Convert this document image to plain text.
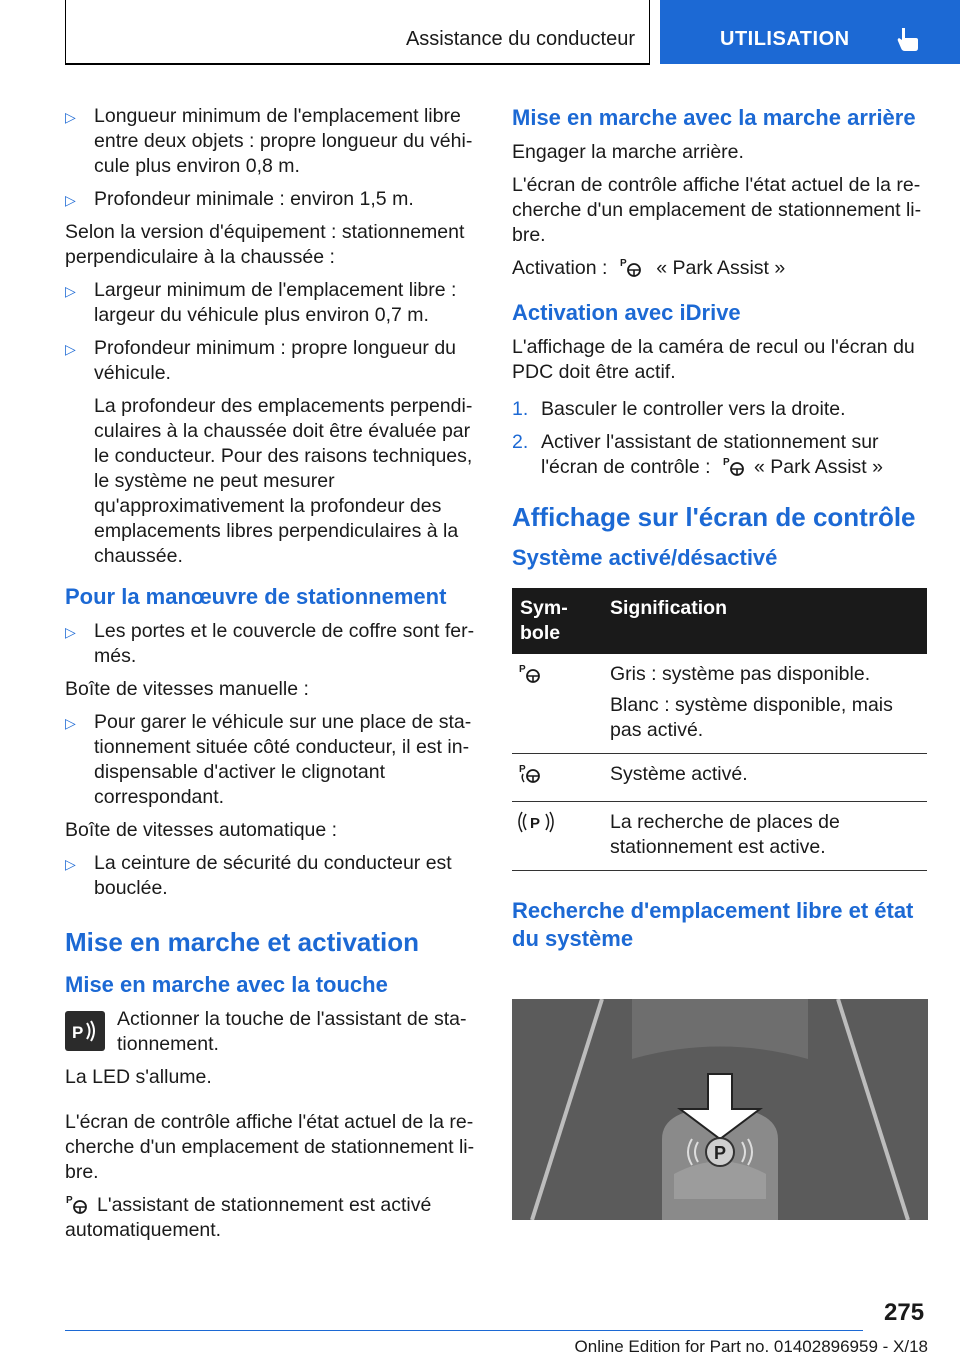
Assistance du conducteur	UTILISATION
▷ Longueur minimum de l'emplacement libre entre deux objets : propre longueur du véhicule plus environ 0,8 m.
▷ Profondeur minimale : environ 1,5 m.

Selon la version d'équipement : stationnement perpendiculaire à la chaussée :

▷ Largeur minimum de l'emplacement libre : largeur du véhicule plus environ 0,7 m.
▷ Profondeur minimum : propre longueur du véhicule.
La profondeur des emplacements perpendiculaires à la chaussée doit être évaluée par le conducteur. Pour des raisons techniques, le système ne peut mesurer qu'approximativement la profondeur des emplacements libres perpendiculaires à la chaussée.
Pour la manœuvre de stationnement
▷ Les portes et le couvercle de coffre sont fermés.

Boîte de vitesses manuelle :

▷ Pour garer le véhicule sur une place de stationnement située côté conducteur, il est indispensable d'activer le clignotant correspondant.

Boîte de vitesses automatique :

▷ La ceinture de sécurité du conducteur est bouclée.
Mise en marche et activation
Mise en marche avec la touche
P
Actionner la touche de l'assistant de stationnement.

La LED s'allume.

L'écran de contrôle affiche l'état actuel de la recherche d'un emplacement de stationnement libre.

P L'assistant de stationnement est activé automatiquement.

Mise en marche avec la marche arrière

Engager la marche arrière.

L'écran de contrôle affiche l'état actuel de la recherche d'un emplacement de stationnement libre.

Activation : P « Park Assist »

Activation avec iDrive

L'affichage de la caméra de recul ou l'écran du PDC doit être actif.

1. Basculer le controller vers la droite.
2. Activer l'assistant de stationnement sur l'écran de contrôle : P « Park Assist »
Affichage sur l'écran de contrôle
Système activé/désactivé
Symbole	Signification

P	Gris : système pas disponible.

Blanc : système disponible, mais pas activé.

P	Système activé.

P	La recherche de places de stationnement est active.

Recherche d'emplacement libre et état du système
P
275
Online Edition for Part no. 01402896959 - X/18
